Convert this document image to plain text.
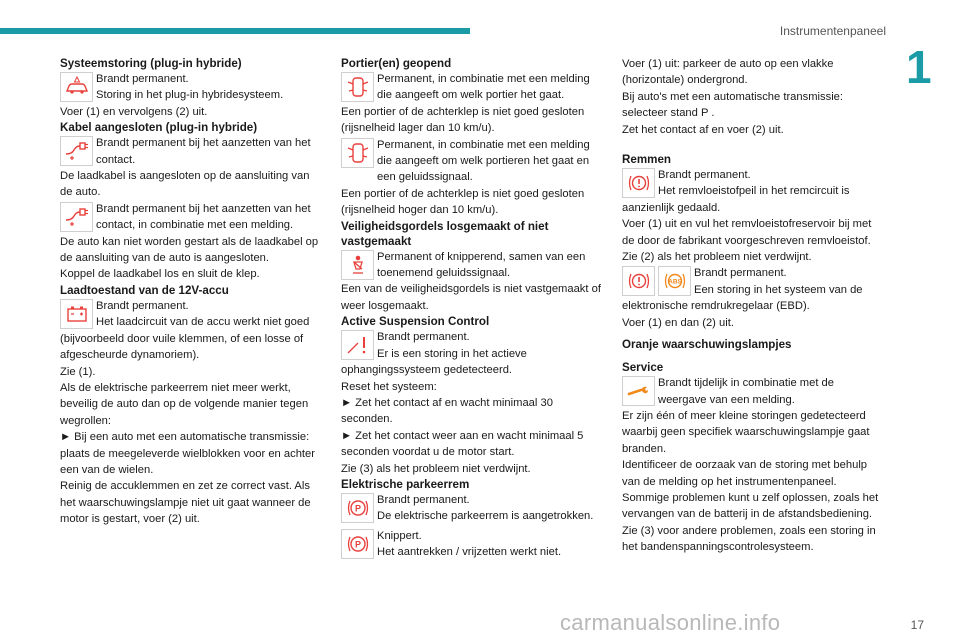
Instrumentenpaneel
1

Systeemstoring (plug-in hybride)

Brandt permanent.
Storing in het plug-in hybridesysteem.

Voer (1) en vervolgens (2) uit.

Kabel aangesloten (plug-in hybride)

Brandt permanent bij het aanzetten van het contact.

De laadkabel is aangesloten op de aansluiting van de auto.

Brandt permanent bij het aanzetten van het contact, in combinatie met een melding.

De auto kan niet worden gestart als de laadkabel op de aansluiting van de auto is aangesloten.
Koppel de laadkabel los en sluit de klep.

Laadtoestand van de 12V-accu

Brandt permanent.
Het laadcircuit van de accu werkt niet goed

(bijvoorbeeld door vuile klemmen, of een losse of afgescheurde dynamoriem).
Zie (1).
Als de elektrische parkeerrem niet meer werkt, beveilig de auto dan op de volgende manier tegen wegrollen:
► Bij een auto met een automatische transmissie: plaats de meegeleverde wielblokken voor en achter een van de wielen.
Reinig de accuklemmen en zet ze correct vast. Als het waarschuwingslampje niet uit gaat wanneer de motor is gestart, voer (2) uit.

Portier(en) geopend

Permanent, in combinatie met een melding die aangeeft om welk portier het gaat.

Een portier of de achterklep is niet goed gesloten (rijsnelheid lager dan 10 km/u).

Permanent, in combinatie met een melding die aangeeft om welk portieren het gaat en een geluidssignaal.

Een portier of de achterklep is niet goed gesloten (rijsnelheid hoger dan 10 km/u).

Veiligheidsgordels losgemaakt of niet vastgemaakt

Permanent of knipperend, samen van een toenemend geluidssignaal.

Een van de veiligheidsgordels is niet vastgemaakt of weer losgemaakt.

Active Suspension Control

Brandt permanent.
Er is een storing in het actieve

ophangingssysteem gedetecteerd.
Reset het systeem:
► Zet het contact af en wacht minimaal 30 seconden.
► Zet het contact weer aan en wacht minimaal 5 seconden voordat u de motor start.
Zie (3) als het probleem niet verdwijnt.

Elektrische parkeerrem

P
Brandt permanent.
De elektrische parkeerrem is aangetrokken.
P
Knippert.
Het aantrekken / vrijzetten werkt niet.

Voer (1) uit: parkeer de auto op een vlakke (horizontale) ondergrond.
Bij auto's met een automatische transmissie: selecteer stand P .
Zet het contact af en voer (2) uit.

Remmen

Brandt permanent.
Het remvloeistofpeil in het remcircuit is

aanzienlijk gedaald.
Voer (1) uit en vul het remvloeistofreservoir bij met de door de fabrikant voorgeschreven remvloeistof.
Zie (2) als het probleem niet verdwijnt.

ABS
Brandt permanent.
Een storing in het systeem van de

elektronische remdrukregelaar (EBD).
Voer (1) en dan (2) uit.

Oranje waarschuwingslampjes

Service

Brandt tijdelijk in combinatie met de weergave van een melding.

Er zijn één of meer kleine storingen gedetecteerd waarbij geen specifiek waarschuwingslampje gaat branden.
Identificeer de oorzaak van de storing met behulp van de melding op het instrumentenpaneel.
Sommige problemen kunt u zelf oplossen, zoals het vervangen van de batterij in de afstandsbediening.
Zie (3) voor andere problemen, zoals een storing in het bandenspanningscontrolesysteem.

carmanualsonline.info	17
